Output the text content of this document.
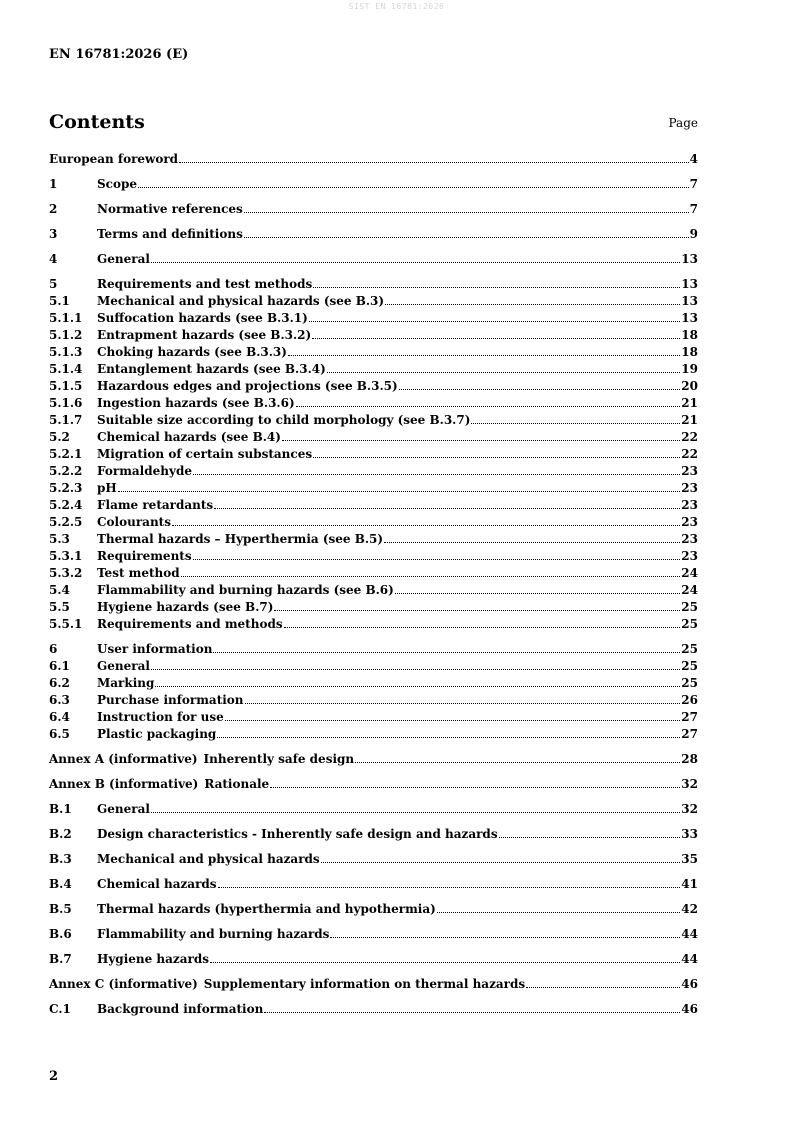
SIST EN 16781:2026
EN 16781:2026 (E)
Contents	Page
European foreword	4
1	Scope	7
2	Normative references	7
3	Terms and definitions	9
4	General	13
5	Requirements and test methods	13
5.1	Mechanical and physical hazards (see B.3)	13
5.1.1	Suffocation hazards (see B.3.1)	13
5.1.2	Entrapment hazards (see B.3.2)	18
5.1.3	Choking hazards (see B.3.3)	18
5.1.4	Entanglement hazards (see B.3.4)	19
5.1.5	Hazardous edges and projections (see B.3.5)	20
5.1.6	Ingestion hazards (see B.3.6)	21
5.1.7	Suitable size according to child morphology (see B.3.7)	21
5.2	Chemical hazards (see B.4)	22
5.2.1	Migration of certain substances	22
5.2.2	Formaldehyde	23
5.2.3	pH	23
5.2.4	Flame retardants	23
5.2.5	Colourants	23
5.3	Thermal hazards – Hyperthermia (see B.5)	23
5.3.1	Requirements	23
5.3.2	Test method	24
5.4	Flammability and burning hazards (see B.6)	24
5.5	Hygiene hazards (see B.7)	25
5.5.1	Requirements and methods	25
6	User information	25
6.1	General	25
6.2	Marking	25
6.3	Purchase information	26
6.4	Instruction for use	27
6.5	Plastic packaging	27
Annex A (informative) Inherently safe design	28
Annex B (informative) Rationale	32
B.1	General	32
B.2	Design characteristics - Inherently safe design and hazards	33
B.3	Mechanical and physical hazards	35
B.4	Chemical hazards	41
B.5	Thermal hazards (hyperthermia and hypothermia)	42
B.6	Flammability and burning hazards	44
B.7	Hygiene hazards	44
Annex C (informative) Supplementary information on thermal hazards	46
C.1	Background information	46
2
